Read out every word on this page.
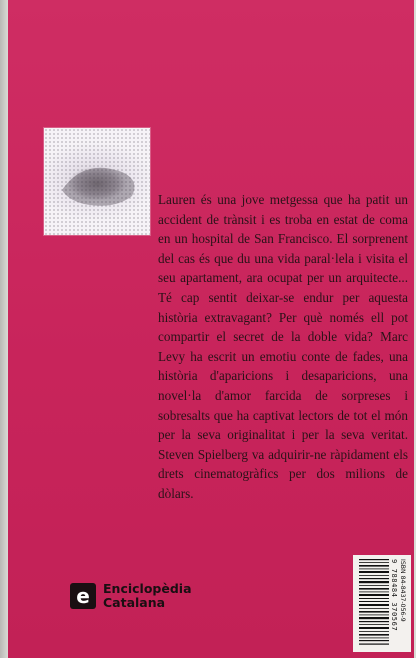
Lauren és una jove metgessa que ha patit un accident de trànsit i es troba en estat de coma en un hospital de San Francisco. El sorprenent del cas és que du una vida paral·lela i visita el seu apartament, ara ocupat per un arquitecte... Té cap sentit deixar-se endur per aquesta història extravagant? Per què només ell pot compartir el secret de la doble vida? Marc Levy ha escrit un emotiu conte de fades, una història d'aparicions i desaparicions, una novel·la d'amor farcida de sorpreses i sobresalts que ha captivat lectors de tot el món per la seva originalitat i per la seva veritat. Steven Spielberg va adquirir-ne ràpidament els drets cinematogràfics per dos milions de dòlars.
e	Enciclopèdia
Catalana	9 788484 370567 ISBN 84-8437-056-9
